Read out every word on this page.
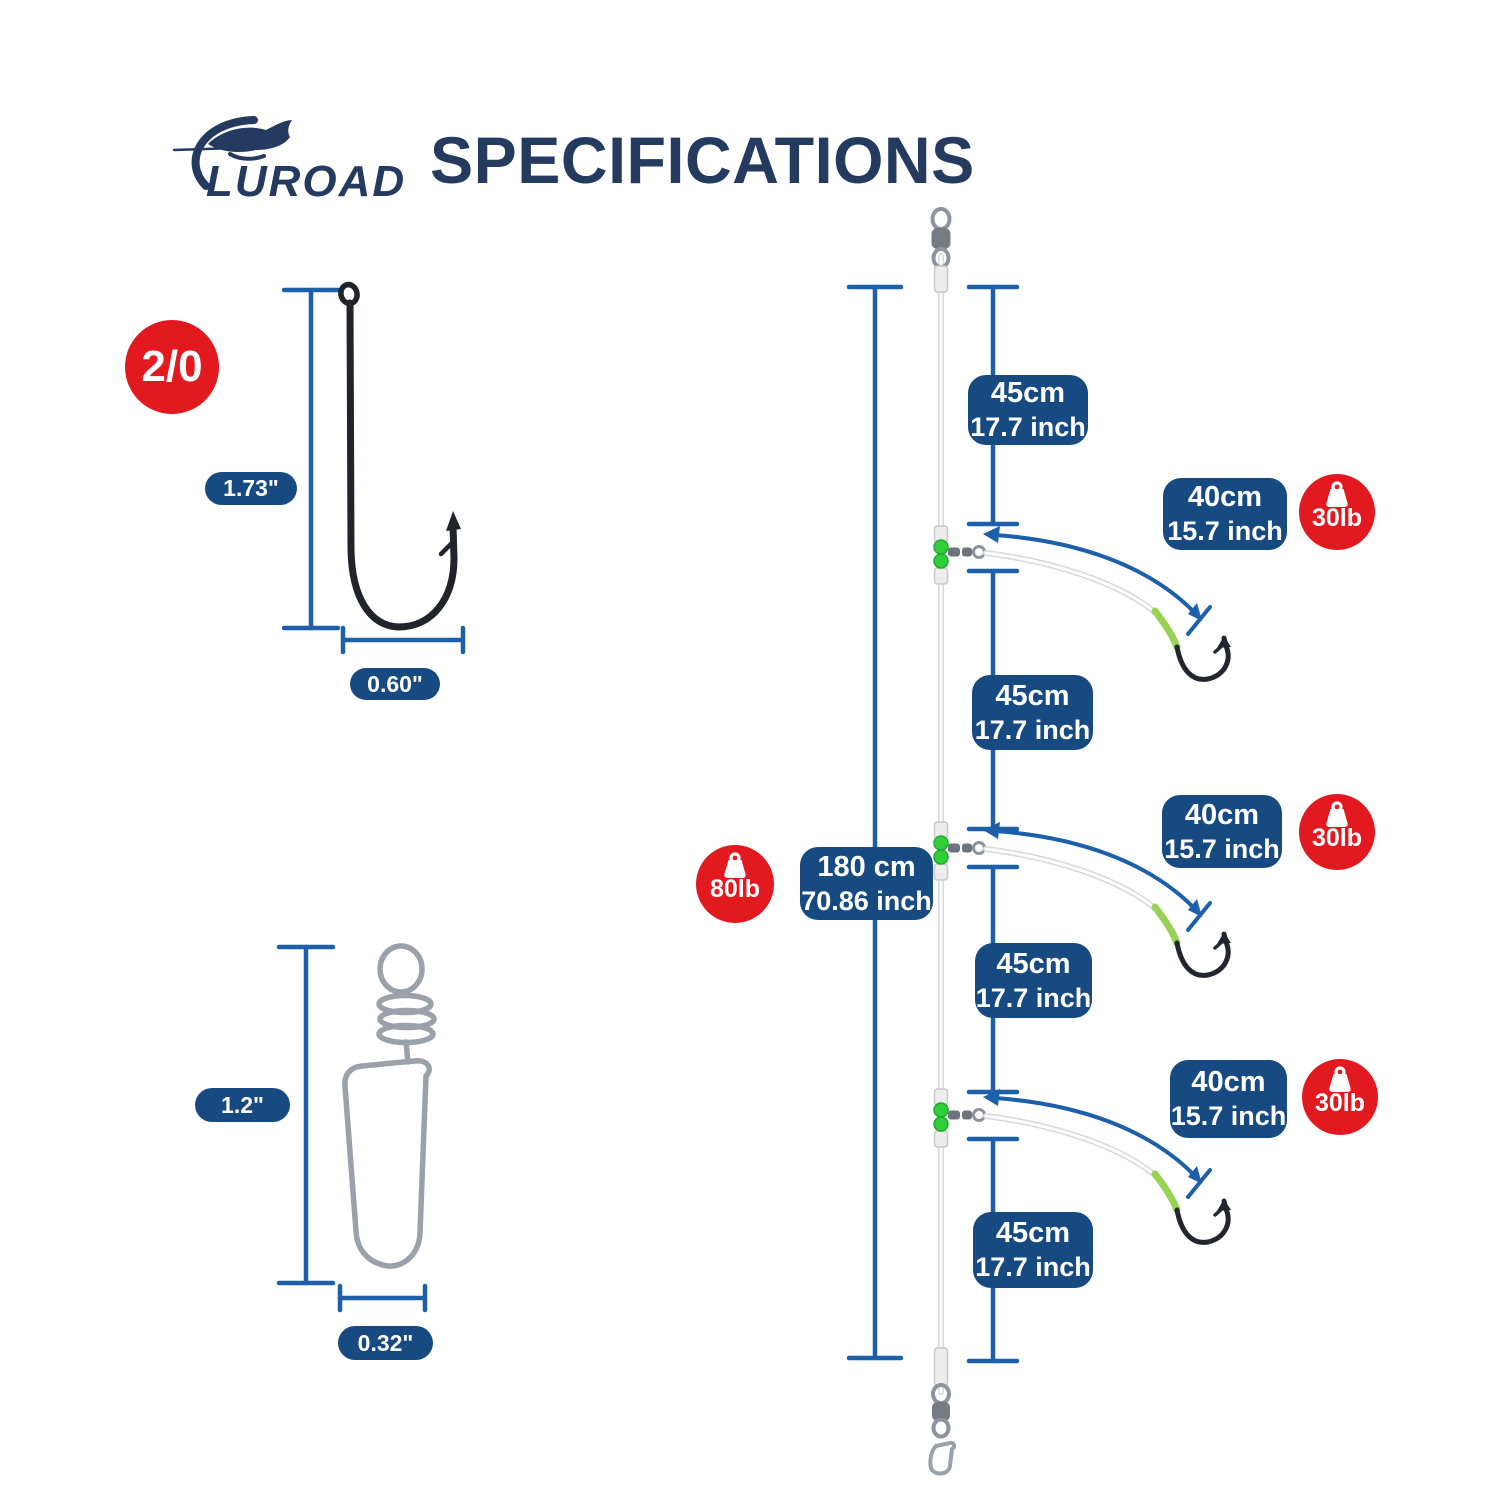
LUROAD SPECIFICATIONS
2/0
1.73"
0.60"
1.2"
0.32"
45cm
17.7 inch
45cm
17.7 inch
45cm
17.7 inch
45cm
17.7 inch
40cm
15.7 inch
40cm
15.7 inch
40cm
15.7 inch
30lb
30lb
30lb
80lb
180 cm
70.86 inch
